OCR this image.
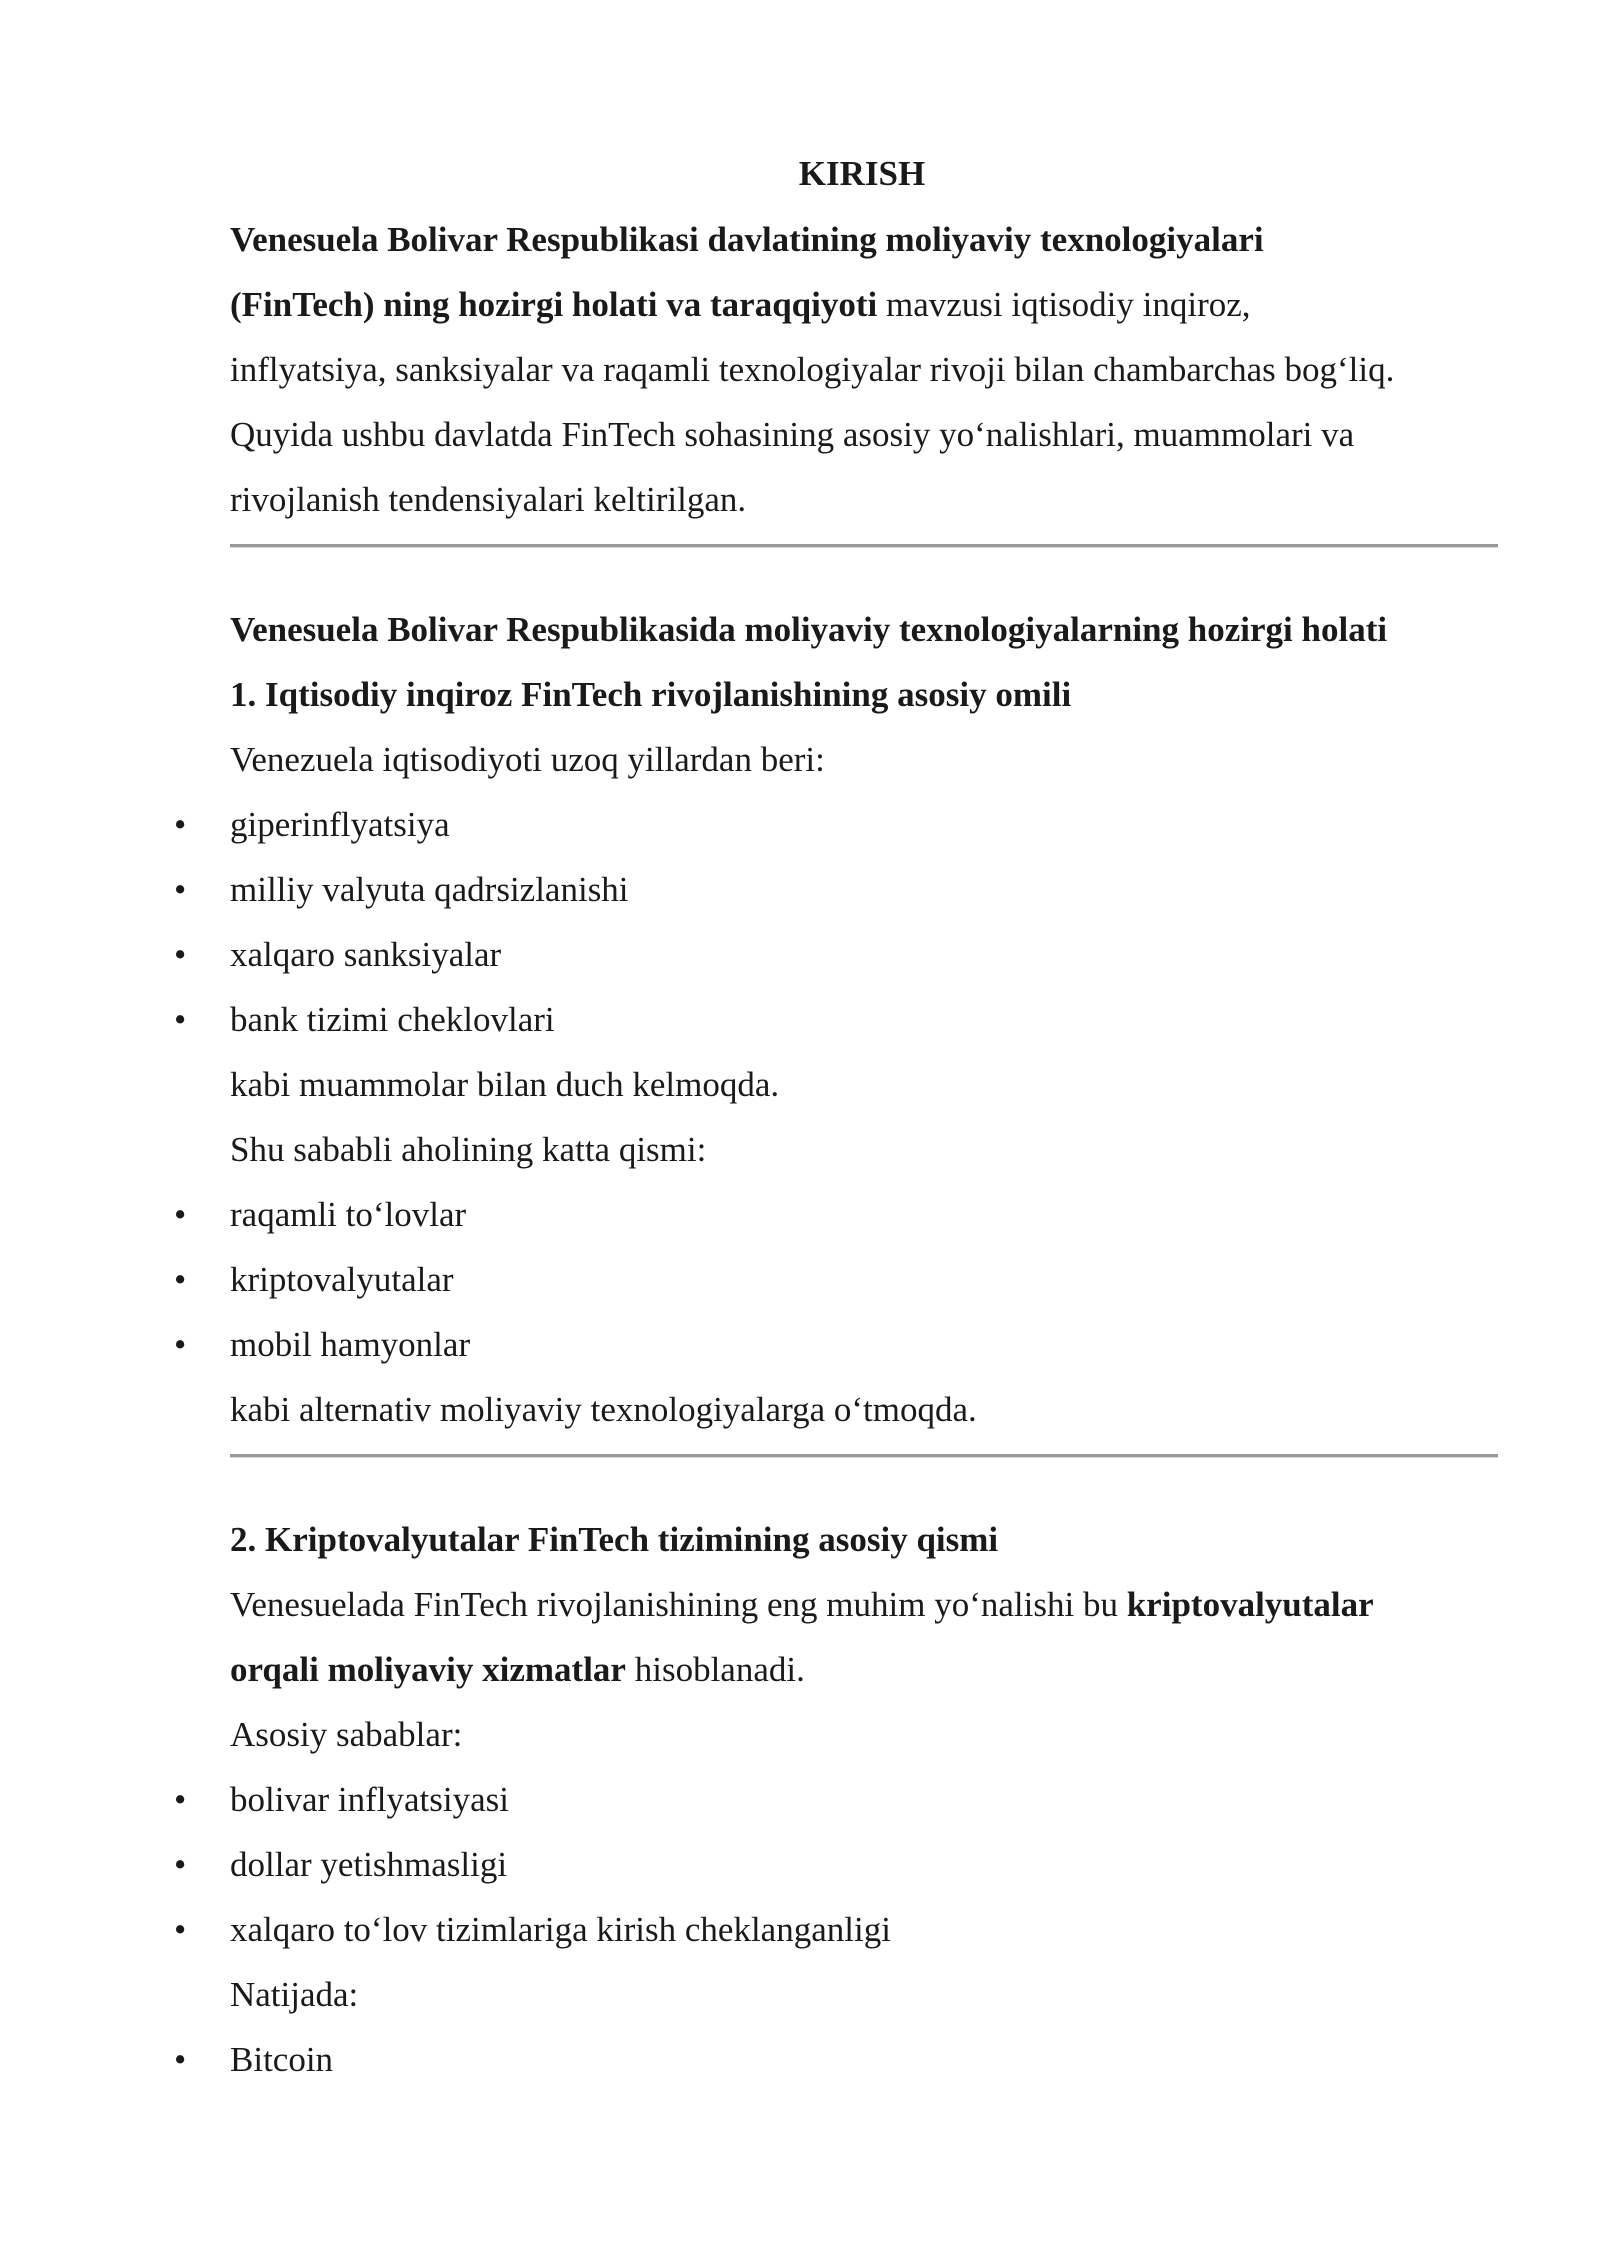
KIRISH
Venesuela Bolivar Respublikasi davlatining moliyaviy texnologiyalari
(FinTech) ning hozirgi holati va taraqqiyoti mavzusi iqtisodiy inqiroz,
inflyatsiya, sanksiyalar va raqamli texnologiyalar rivoji bilan chambarchas bog‘liq.
Quyida ushbu davlatda FinTech sohasining asosiy yo‘nalishlari, muammolari va
rivojlanish tendensiyalari keltirilgan.
Venesuela Bolivar Respublikasida moliyaviy texnologiyalarning hozirgi holati
1. Iqtisodiy inqiroz FinTech rivojlanishining asosiy omili
Venezuela iqtisodiyoti uzoq yillardan beri:
• giperinflyatsiya
• milliy valyuta qadrsizlanishi
• xalqaro sanksiyalar
• bank tizimi cheklovlari
kabi muammolar bilan duch kelmoqda.
Shu sababli aholining katta qismi:
• raqamli to‘lovlar
• kriptovalyutalar
• mobil hamyonlar
kabi alternativ moliyaviy texnologiyalarga o‘tmoqda.
2. Kriptovalyutalar FinTech tizimining asosiy qismi
Venesuelada FinTech rivojlanishining eng muhim yo‘nalishi bu kriptovalyutalar
orqali moliyaviy xizmatlar hisoblanadi.
Asosiy sabablar:
• bolivar inflyatsiyasi
• dollar yetishmasligi
• xalqaro to‘lov tizimlariga kirish cheklanganligi
Natijada:
• Bitcoin
